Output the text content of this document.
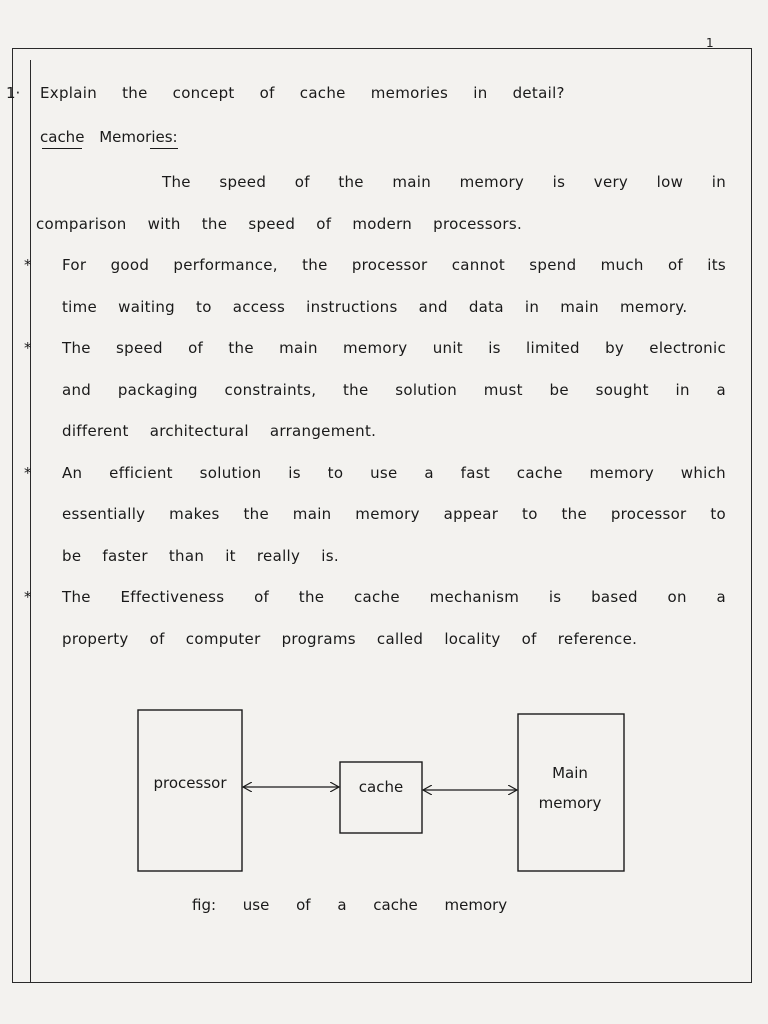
1
1· Explain the concept of cache memories in detail?
cache Memories:

The speed of the main memory is very low in comparison with the speed of modern processors.

* For good performance, the processor cannot spend much of its time waiting to access instructions and data in main memory.

* The speed of the main memory unit is limited by electronic and packaging constraints, the solution must be sought in a different architectural arrangement.

* An efficient solution is to use a fast cache memory which essentially makes the main memory appear to the processor to be faster than it really is.

* The Effectiveness of the cache mechanism is based on a property of computer programs called locality of reference.

processor	cache
Main
memory
fig: use of a cache memory
